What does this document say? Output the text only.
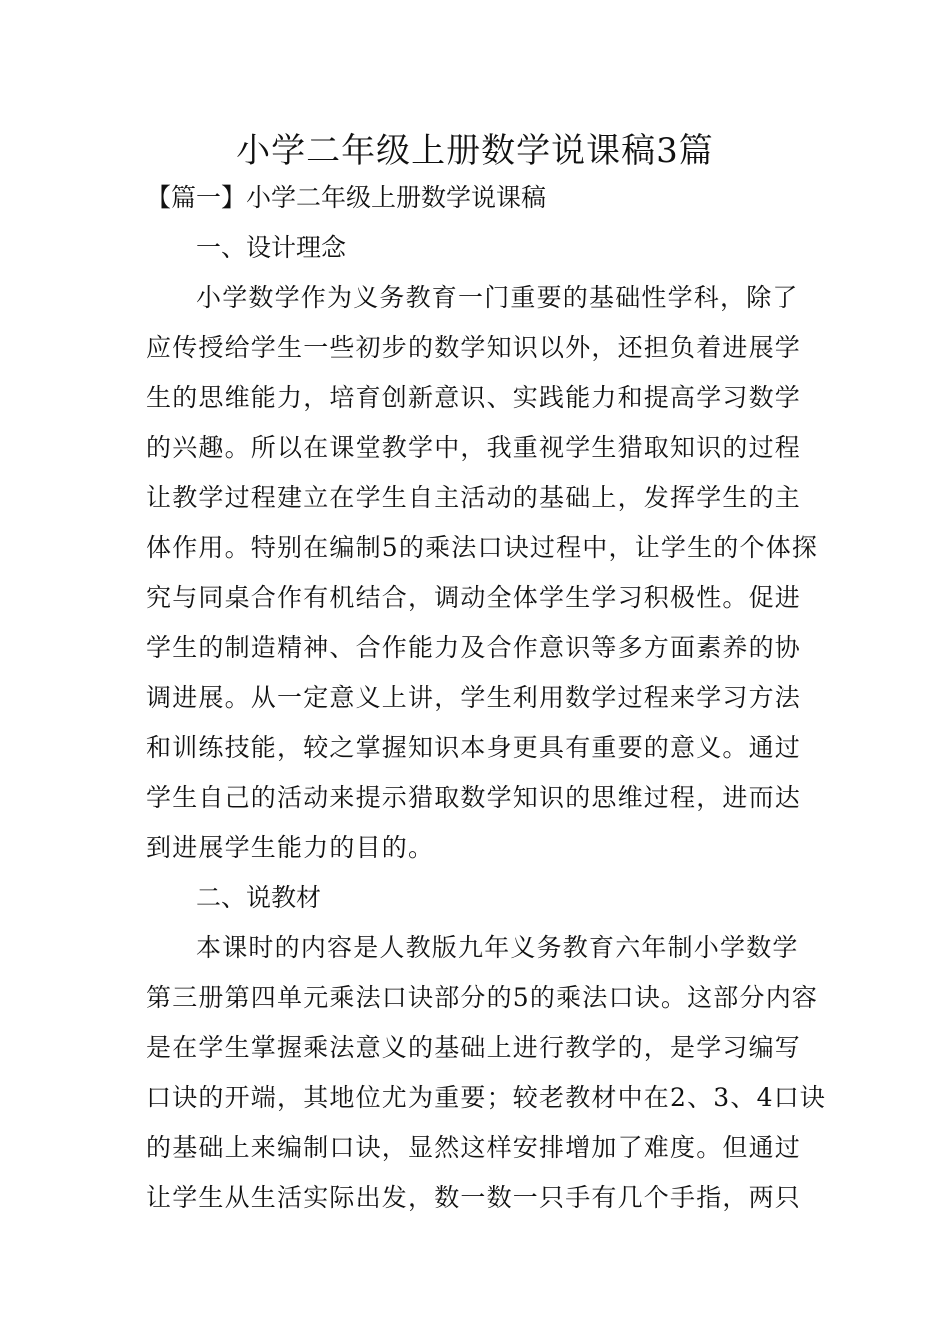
小学二年级上册数学说课稿3篇
【篇一】小学二年级上册数学说课稿
一、设计理念
小学数学作为义务教育一门重要的基础性学科，除了
应传授给学生一些初步的数学知识以外，还担负着进展学
生的思维能力，培育创新意识、实践能力和提高学习数学
的兴趣。所以在课堂教学中，我重视学生猎取知识的过程
让教学过程建立在学生自主活动的基础上，发挥学生的主
体作用。特别在编制5的乘法口诀过程中，让学生的个体探
究与同桌合作有机结合，调动全体学生学习积极性。促进
学生的制造精神、合作能力及合作意识等多方面素养的协
调进展。从一定意义上讲，学生利用数学过程来学习方法
和训练技能，较之掌握知识本身更具有重要的意义。通过
学生自己的活动来提示猎取数学知识的思维过程，进而达
到进展学生能力的目的。
二、说教材
本课时的内容是人教版九年义务教育六年制小学数学
第三册第四单元乘法口诀部分的5的乘法口诀。这部分内容
是在学生掌握乘法意义的基础上进行教学的，是学习编写
口诀的开端，其地位尤为重要；较老教材中在2、3、4口诀
的基础上来编制口诀，显然这样安排增加了难度。但通过
让学生从生活实际出发，数一数一只手有几个手指，两只
